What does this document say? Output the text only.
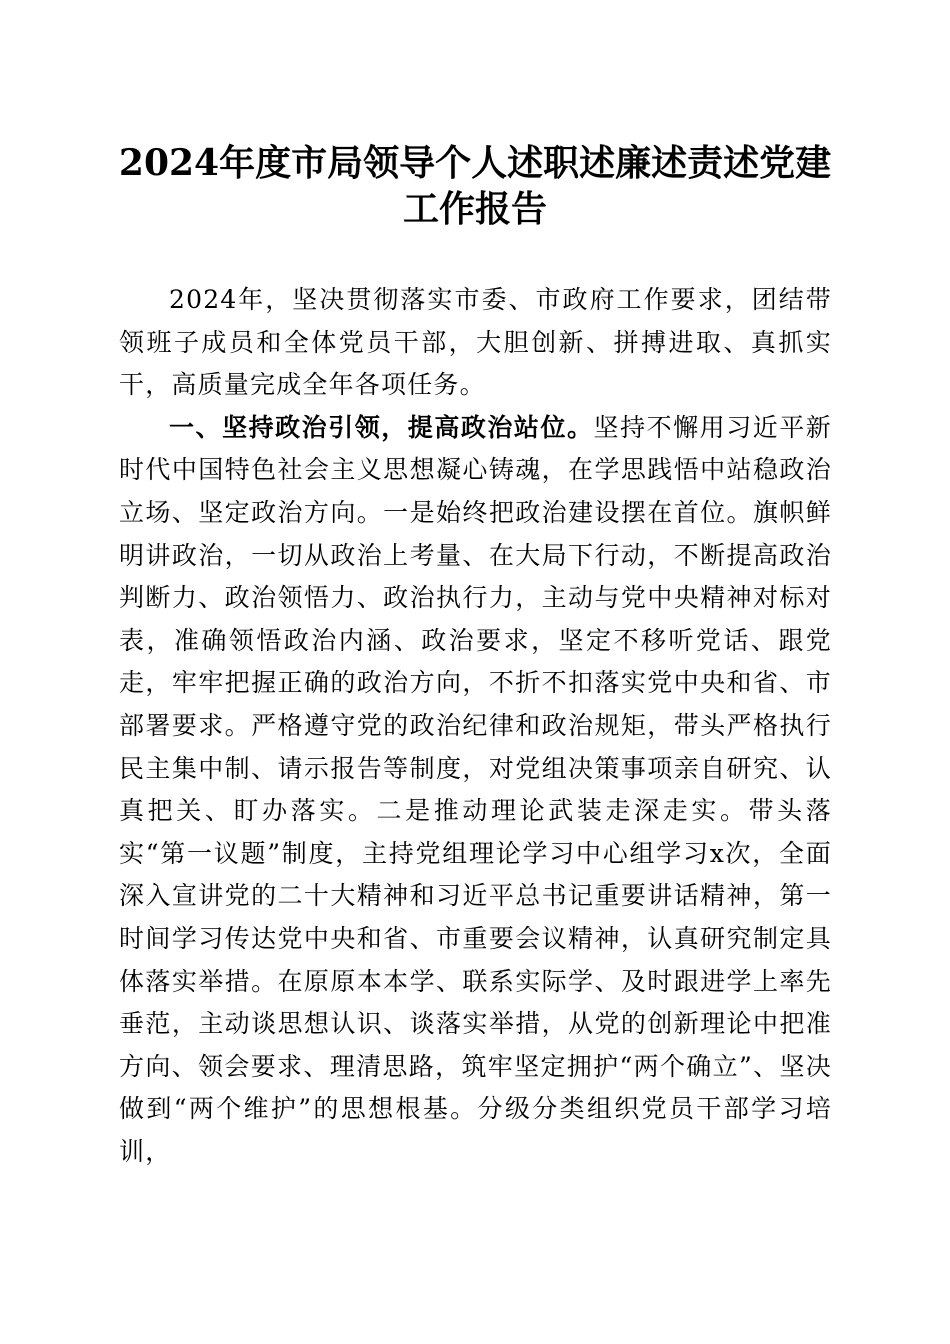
2024年度市局领导个人述职述廉述责述党建
工作报告

2024年，坚决贯彻落实市委、市政府工作要求，团结带领班子成员和全体党员干部，大胆创新、拼搏进取、真抓实干，高质量完成全年各项任务。

一、坚持政治引领，提高政治站位。坚持不懈用习近平新时代中国特色社会主义思想凝心铸魂，在学思践悟中站稳政治立场、坚定政治方向。一是始终把政治建设摆在首位。旗帜鲜明讲政治，一切从政治上考量、在大局下行动，不断提高政治判断力、政治领悟力、政治执行力，主动与党中央精神对标对表，准确领悟政治内涵、政治要求，坚定不移听党话、跟党走，牢牢把握正确的政治方向，不折不扣落实党中央和省、市部署要求。严格遵守党的政治纪律和政治规矩，带头严格执行民主集中制、请示报告等制度，对党组决策事项亲自研究、认真把关、盯办落实。二是推动理论武装走深走实。带头落实“第一议题”制度，主持党组理论学习中心组学习x次，全面深入宣讲党的二十大精神和习近平总书记重要讲话精神，第一时间学习传达党中央和省、市重要会议精神，认真研究制定具体落实举措。在原原本本学、联系实际学、及时跟进学上率先垂范，主动谈思想认识、谈落实举措，从党的创新理论中把准方向、领会要求、理清思路，筑牢坚定拥护“两个确立”、坚决做到“两个维护”的思想根基。分级分类组织党员干部学习培训，
